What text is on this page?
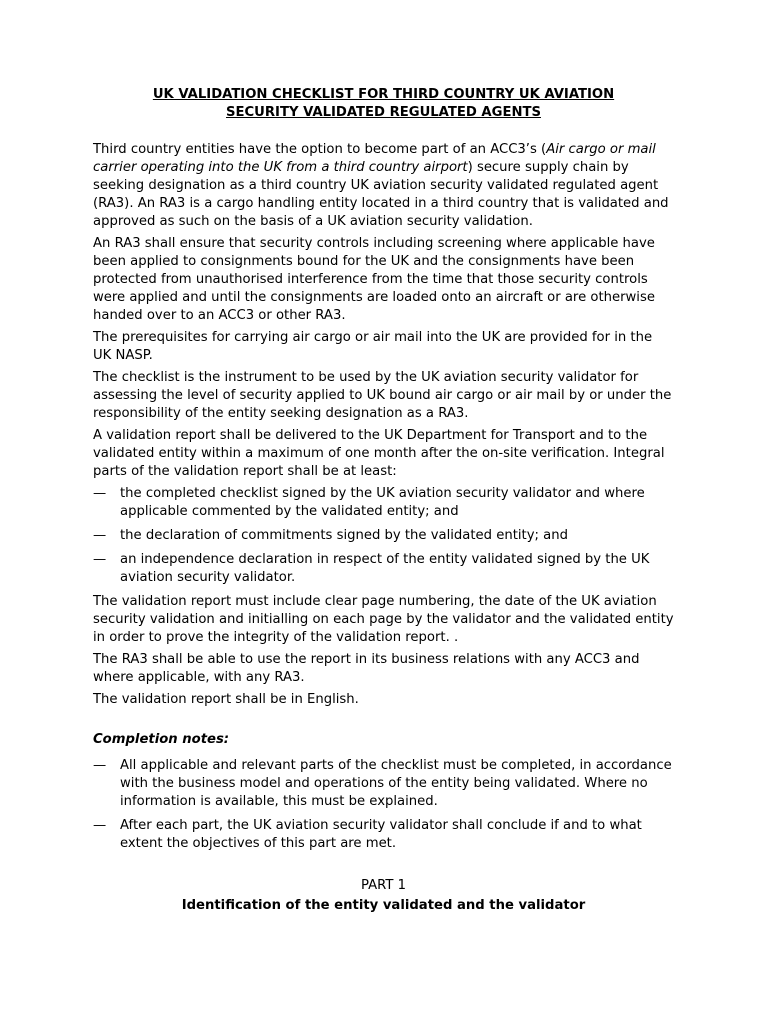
UK VALIDATION CHECKLIST FOR THIRD COUNTRY UK AVIATION
SECURITY VALIDATED REGULATED AGENTS

Third country entities have the option to become part of an ACC3’s (Air cargo or mail carrier operating into the UK from a third country airport) secure supply chain by seeking designation as a third country UK aviation security validated regulated agent (RA3). An RA3 is a cargo handling entity located in a third country that is validated and approved as such on the basis of a UK aviation security validation.

An RA3 shall ensure that security controls including screening where applicable have been applied to consignments bound for the UK and the consignments have been protected from unauthorised interference from the time that those security controls were applied and until the consignments are loaded onto an aircraft or are otherwise handed over to an ACC3 or other RA3.

The prerequisites for carrying air cargo or air mail into the UK are provided for in the UK NASP.

The checklist is the instrument to be used by the UK aviation security validator for assessing the level of security applied to UK bound air cargo or air mail by or under the responsibility of the entity seeking designation as a RA3.

A validation report shall be delivered to the UK Department for Transport and to the validated entity within a maximum of one month after the on-site verification. Integral parts of the validation report shall be at least:

— the completed checklist signed by the UK aviation security validator and where applicable commented by the validated entity; and
— the declaration of commitments signed by the validated entity; and
— an independence declaration in respect of the entity validated signed by the UK aviation security validator.

The validation report must include clear page numbering, the date of the UK aviation security validation and initialling on each page by the validator and the validated entity in order to prove the integrity of the validation report. .

The RA3 shall be able to use the report in its business relations with any ACC3 and where applicable, with any RA3.

The validation report shall be in English.

Completion notes:

— All applicable and relevant parts of the checklist must be completed, in accordance with the business model and operations of the entity being validated. Where no information is available, this must be explained.
— After each part, the UK aviation security validator shall conclude if and to what extent the objectives of this part are met.

PART 1

Identification of the entity validated and the validator
